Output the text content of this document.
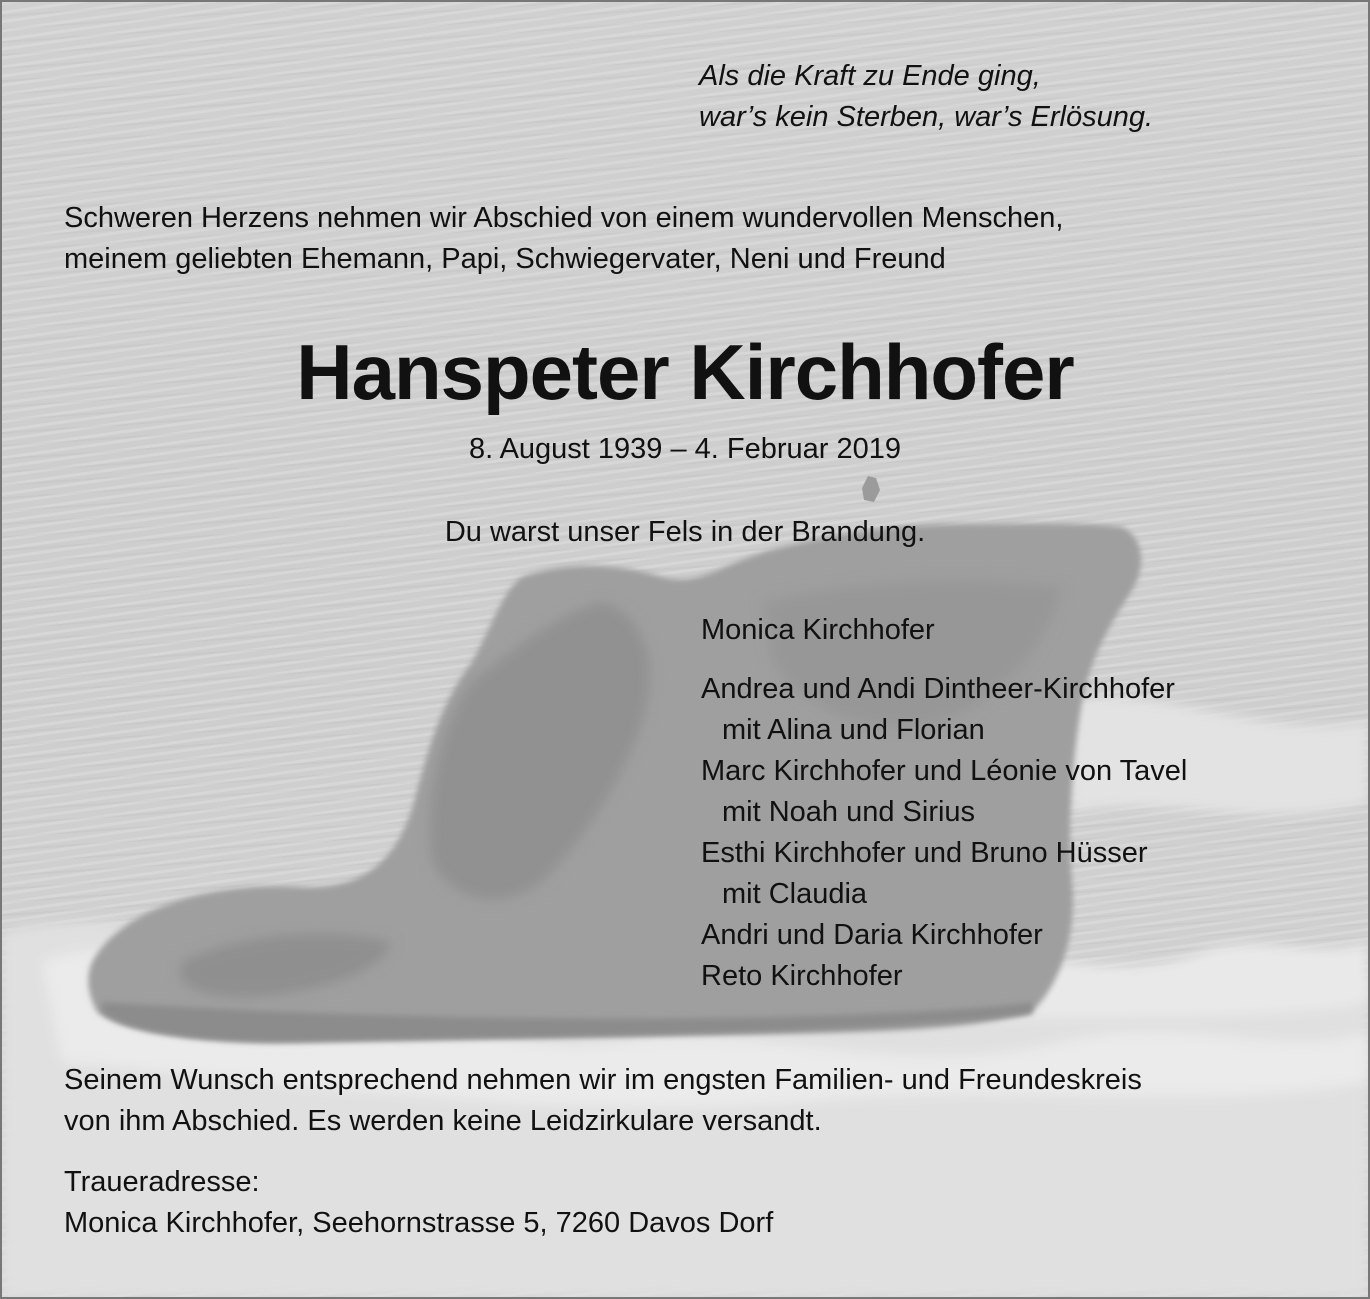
Als die Kraft zu Ende ging,
war’s kein Sterben, war’s Erlösung.
Schweren Herzens nehmen wir Abschied von einem wundervollen Menschen,
meinem geliebten Ehemann, Papi, Schwiegervater, Neni und Freund
Hanspeter Kirchhofer
8. August 1939 – 4. Februar 2019
Du warst unser Fels in der Brandung.
Monica Kirchhofer
Andrea und Andi Dintheer-Kirchhofer
mit Alina und Florian
Marc Kirchhofer und Léonie von Tavel
mit Noah und Sirius
Esthi Kirchhofer und Bruno Hüsser
mit Claudia
Andri und Daria Kirchhofer
Reto Kirchhofer
Seinem Wunsch entsprechend nehmen wir im engsten Familien- und Freundeskreis
von ihm Abschied. Es werden keine Leidzirkulare versandt.
Traueradresse:
Monica Kirchhofer, Seehornstrasse 5, 7260 Davos Dorf
